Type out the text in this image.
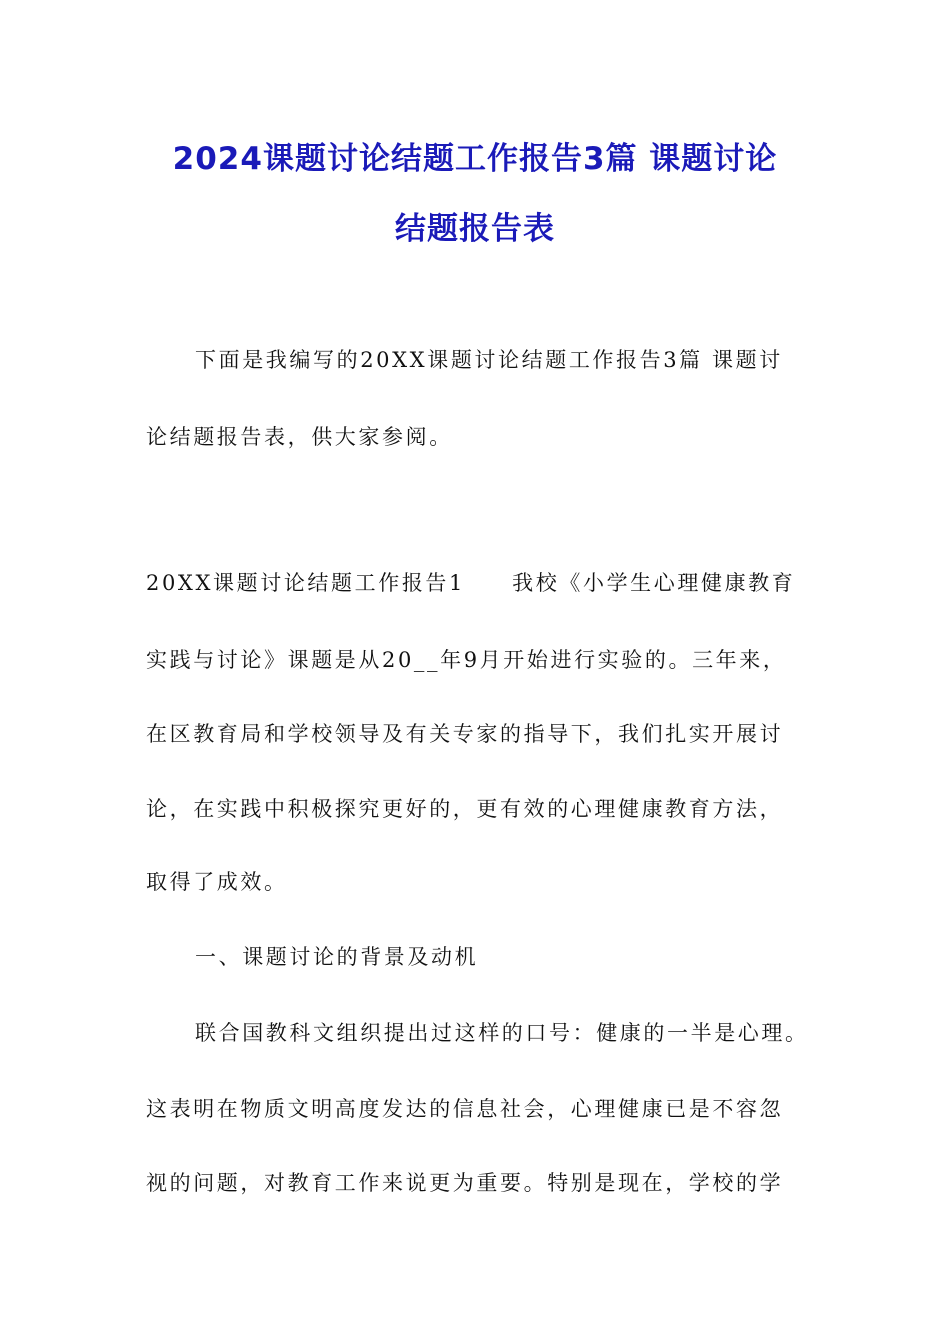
2024课题讨论结题工作报告3篇 课题讨论
结题报告表
下面是我编写的20XX课题讨论结题工作报告3篇 课题讨
论结题报告表，供大家参阅。
20XX课题讨论结题工作报告1　　我校《小学生心理健康教育
实践与讨论》课题是从20__年9月开始进行实验的。三年来，
在区教育局和学校领导及有关专家的指导下，我们扎实开展讨
论，在实践中积极探究更好的，更有效的心理健康教育方法，
取得了成效。
一、课题讨论的背景及动机
联合国教科文组织提出过这样的口号：健康的一半是心理。
这表明在物质文明高度发达的信息社会，心理健康已是不容忽
视的问题，对教育工作来说更为重要。特别是现在，学校的学
